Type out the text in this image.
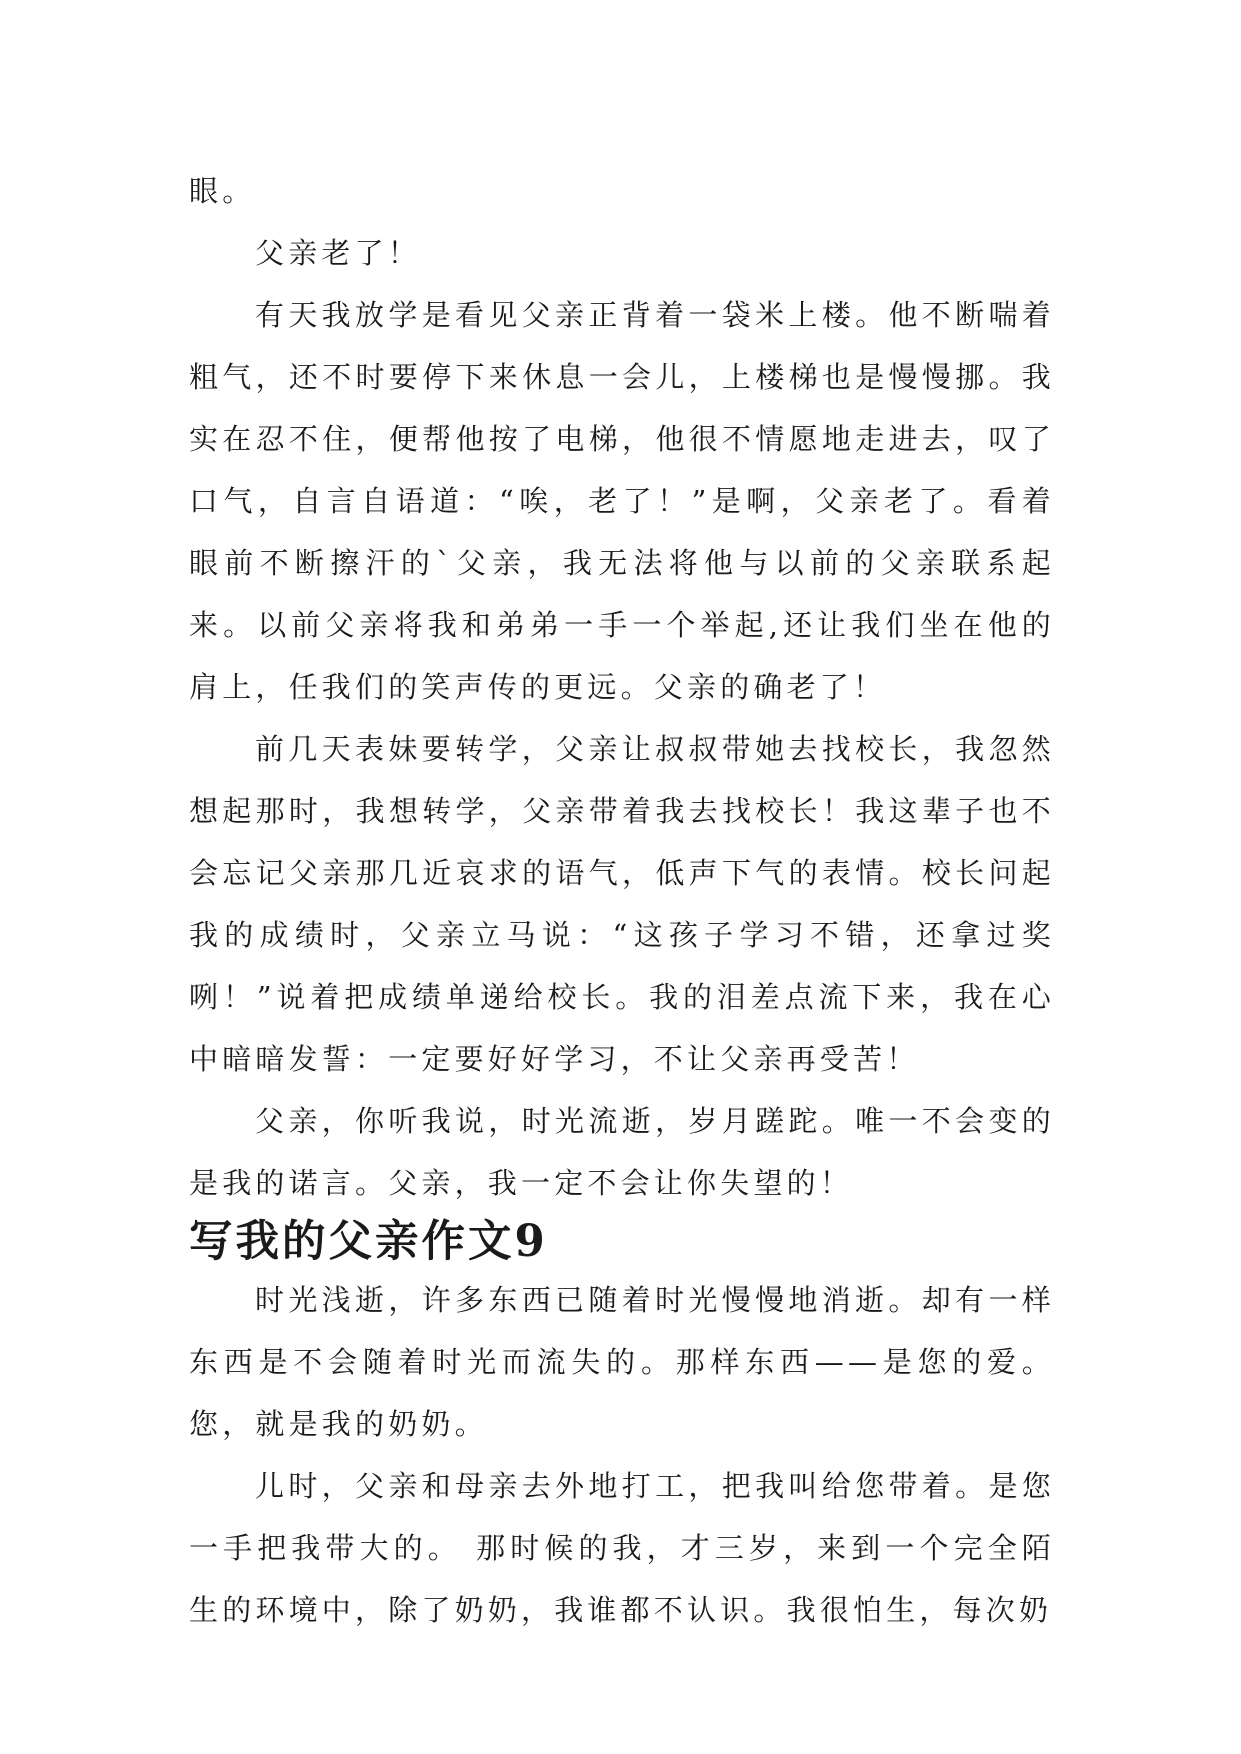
眼。

父亲老了！

有天我放学是看见父亲正背着一袋米上楼。他不断喘着粗气，还不时要停下来休息一会儿，上楼梯也是慢慢挪。我实在忍不住，便帮他按了电梯，他很不情愿地走进去，叹了口气，自言自语道：“唉，老了！”是啊，父亲老了。看着眼前不断擦汗的`父亲，我无法将他与以前的父亲联系起来。以前父亲将我和弟弟一手一个举起,还让我们坐在他的肩上，任我们的笑声传的更远。父亲的确老了！

前几天表妹要转学，父亲让叔叔带她去找校长，我忽然想起那时，我想转学，父亲带着我去找校长！我这辈子也不会忘记父亲那几近哀求的语气，低声下气的表情。校长问起我的成绩时，父亲立马说：“这孩子学习不错，还拿过奖咧！”说着把成绩单递给校长。我的泪差点流下来，我在心中暗暗发誓：一定要好好学习，不让父亲再受苦！

父亲，你听我说，时光流逝，岁月蹉跎。唯一不会变的是我的诺言。父亲，我一定不会让你失望的！

写我的父亲作文9

时光浅逝，许多东西已随着时光慢慢地消逝。却有一样东西是不会随着时光而流失的。那样东西——是您的爱。您，就是我的奶奶。

儿时，父亲和母亲去外地打工，把我叫给您带着。是您一手把我带大的。 那时候的我，才三岁，来到一个完全陌生的环境中，除了奶奶，我谁都不认识。我很怕生，每次奶
